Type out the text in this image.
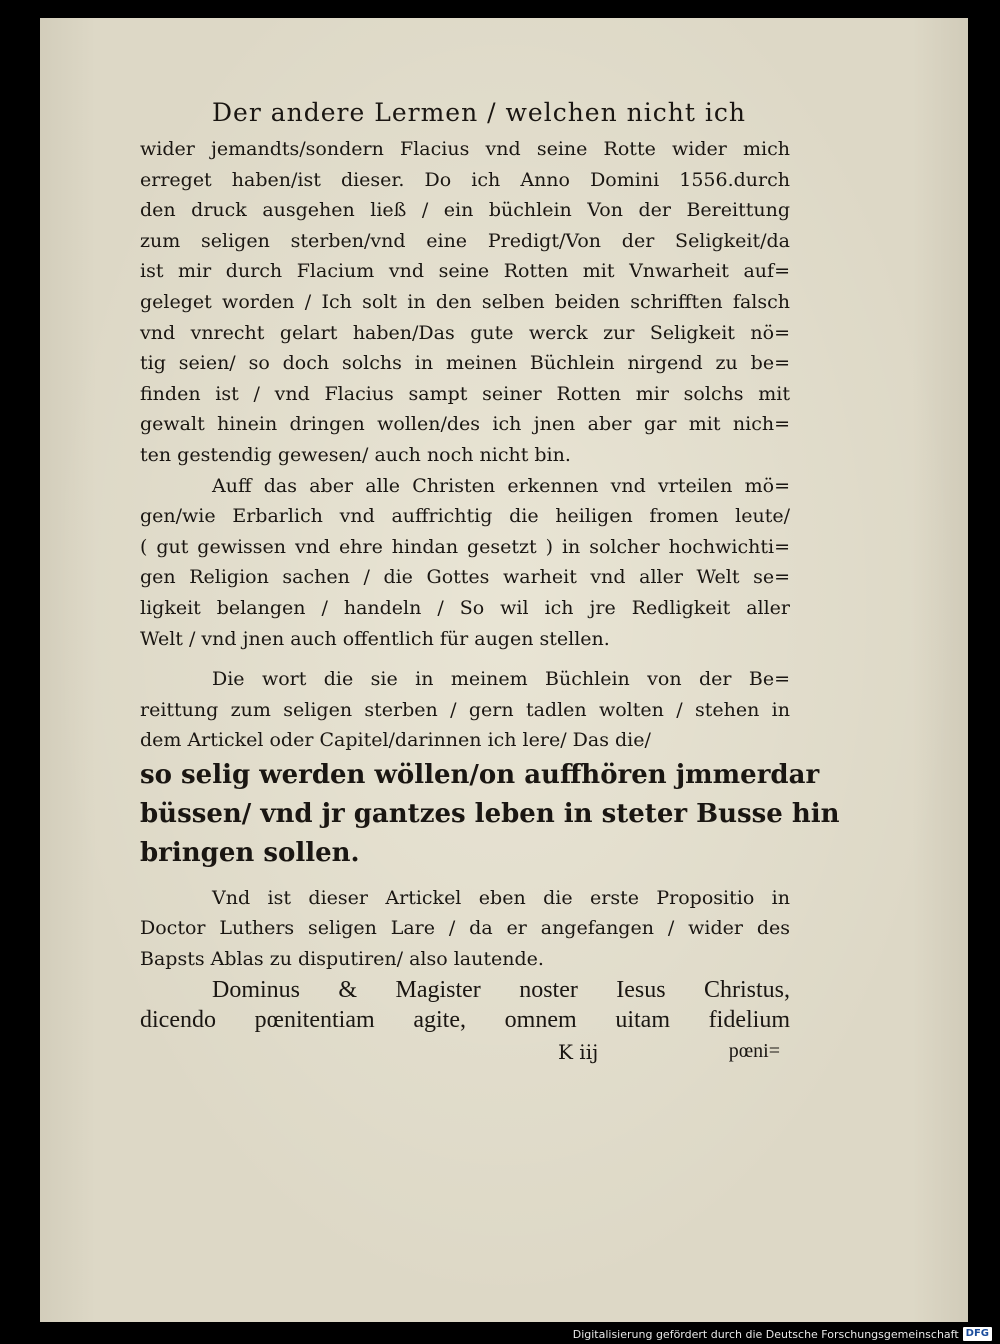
Der andere Lermen / welchen nicht ich
wider jemandts/sondern Flacius vnd seine Rotte wider mich
erreget haben/ist dieser. Do ich Anno Domini 1556.durch
den druck ausgehen ließ / ein büchlein Von der Bereittung
zum seligen sterben/vnd eine Predigt/Von der Seligkeit/da
ist mir durch Flacium vnd seine Rotten mit Vnwarheit auf=
geleget worden / Ich solt in den selben beiden schrifften falsch
vnd vnrecht gelart haben/Das gute werck zur Seligkeit nö=
tig seien/ so doch solchs in meinen Büchlein nirgend zu be=
finden ist / vnd Flacius sampt seiner Rotten mir solchs mit
gewalt hinein dringen wollen/des ich jnen aber gar mit nich=
ten gestendig gewesen/ auch noch nicht bin.
Auff das aber alle Christen erkennen vnd vrteilen mö=
gen/wie Erbarlich vnd auffrichtig die heiligen fromen leute/
( gut gewissen vnd ehre hindan gesetzt ) in solcher hochwichti=
gen Religion sachen / die Gottes warheit vnd aller Welt se=
ligkeit belangen / handeln / So wil ich jre Redligkeit aller
Welt / vnd jnen auch offentlich für augen stellen.
Die wort die sie in meinem Büchlein von der Be=
reittung zum seligen sterben / gern tadlen wolten / stehen in
dem Artickel oder Capitel/darinnen ich lere/ Das die/
so selig werden wöllen/on auffhören jmmerdar
büssen/ vnd jr gantzes leben in steter Busse hin
bringen sollen.
Vnd ist dieser Artickel eben die erste Propositio in
Doctor Luthers seligen Lare / da er angefangen / wider des
Bapsts Ablas zu disputiren/ also lautende.
Dominus & Magister noster Iesus Christus,
dicendo pœnitentiam agite, omnem uitam fidelium
K iij	pœni=
Digitalisierung gefördert durch die Deutsche Forschungsgemeinschaft DFG
